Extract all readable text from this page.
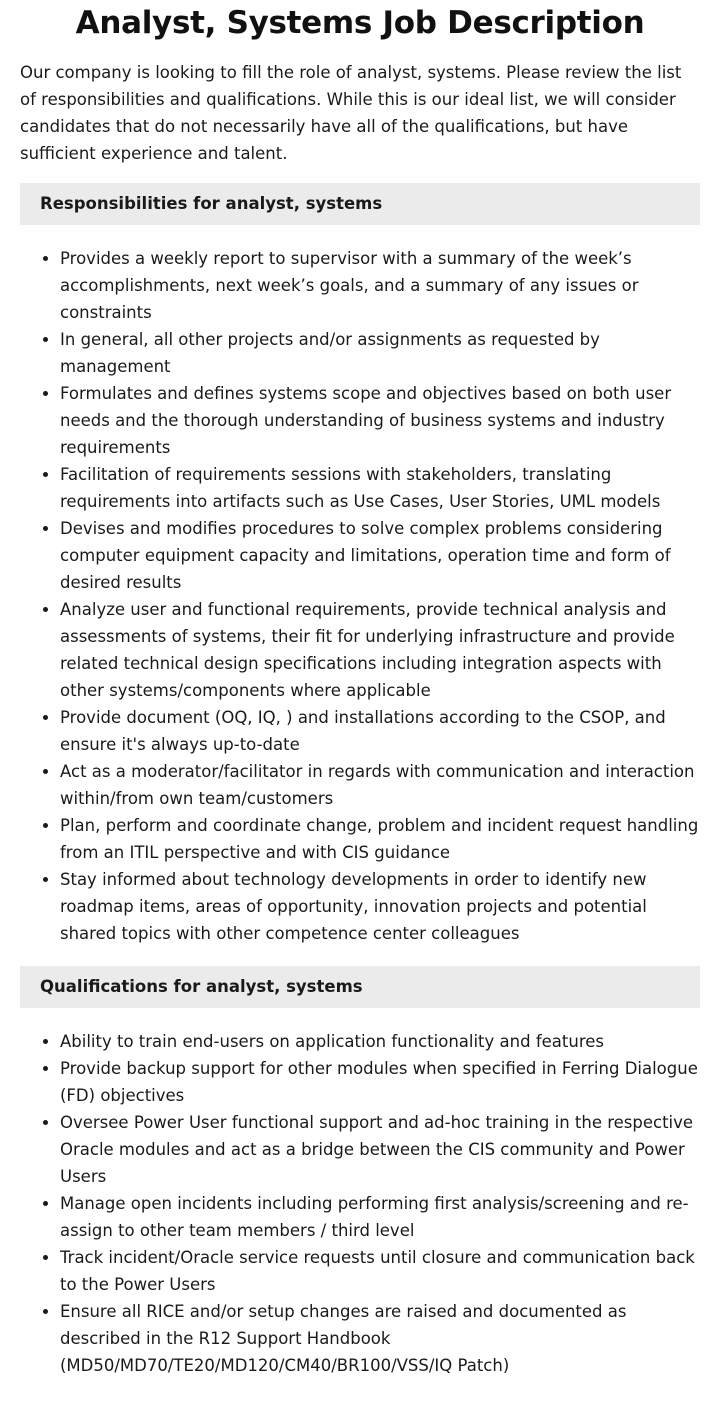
Analyst, Systems Job Description

Our company is looking to fill the role of analyst, systems. Please review the list of responsibilities and qualifications. While this is our ideal list, we will consider candidates that do not necessarily have all of the qualifications, but have sufficient experience and talent.

Responsibilities for analyst, systems
• Provides a weekly report to supervisor with a summary of the week’s accomplishments, next week’s goals, and a summary of any issues or constraints
• In general, all other projects and/or assignments as requested by management
• Formulates and defines systems scope and objectives based on both user needs and the thorough understanding of business systems and industry requirements
• Facilitation of requirements sessions with stakeholders, translating requirements into artifacts such as Use Cases, User Stories, UML models
• Devises and modifies procedures to solve complex problems considering computer equipment capacity and limitations, operation time and form of desired results
• Analyze user and functional requirements, provide technical analysis and assessments of systems, their fit for underlying infrastructure and provide related technical design specifications including integration aspects with other systems/components where applicable
• Provide document (OQ, IQ, ) and installations according to the CSOP, and ensure it's always up-to-date
• Act as a moderator/facilitator in regards with communication and interaction within/from own team/customers
• Plan, perform and coordinate change, problem and incident request handling from an ITIL perspective and with CIS guidance
• Stay informed about technology developments in order to identify new roadmap items, areas of opportunity, innovation projects and potential shared topics with other competence center colleagues
Qualifications for analyst, systems
• Ability to train end-users on application functionality and features
• Provide backup support for other modules when specified in Ferring Dialogue (FD) objectives
• Oversee Power User functional support and ad-hoc training in the respective Oracle modules and act as a bridge between the CIS community and Power Users
• Manage open incidents including performing first analysis/screening and re-assign to other team members / third level
• Track incident/Oracle service requests until closure and communication back to the Power Users
• Ensure all RICE and/or setup changes are raised and documented as described in the R12 Support Handbook (MD50/MD70/TE20/MD120/CM40/BR100/VSS/IQ Patch)
